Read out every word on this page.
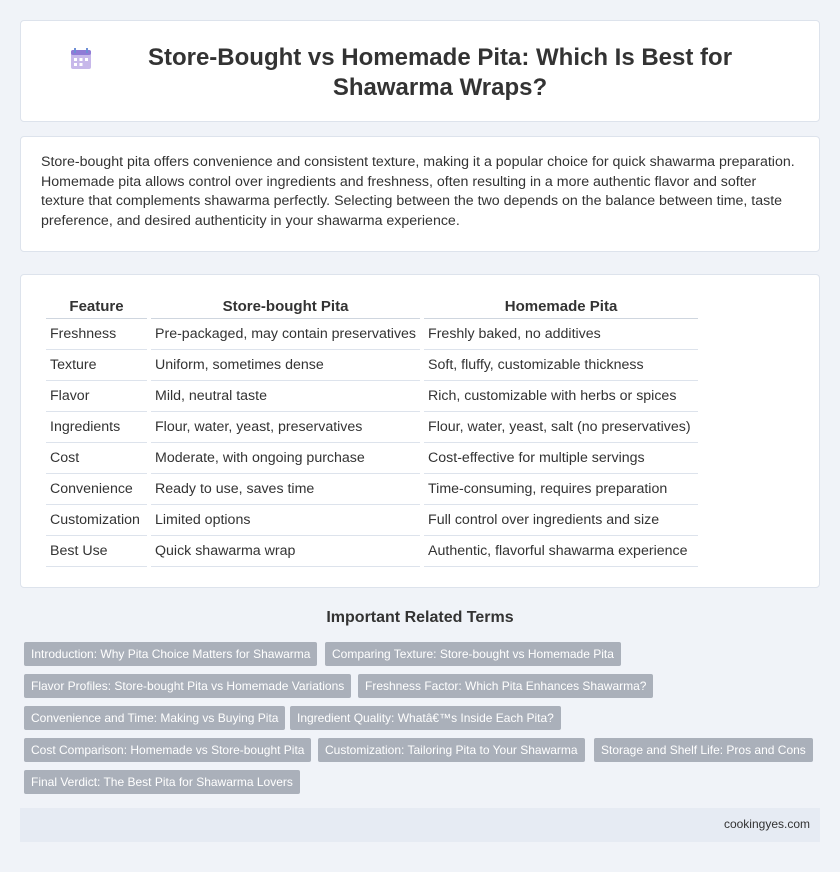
Store-Bought vs Homemade Pita: Which Is Best for Shawarma Wraps?

Store-bought pita offers convenience and consistent texture, making it a popular choice for quick shawarma preparation. Homemade pita allows control over ingredients and freshness, often resulting in a more authentic flavor and softer texture that complements shawarma perfectly. Selecting between the two depends on the balance between time, taste preference, and desired authenticity in your shawarma experience.

Feature	Store-bought Pita	Homemade Pita
Freshness	Pre-packaged, may contain preservatives	Freshly baked, no additives
Texture	Uniform, sometimes dense	Soft, fluffy, customizable thickness
Flavor	Mild, neutral taste	Rich, customizable with herbs or spices
Ingredients	Flour, water, yeast, preservatives	Flour, water, yeast, salt (no preservatives)
Cost	Moderate, with ongoing purchase	Cost-effective for multiple servings
Convenience	Ready to use, saves time	Time-consuming, requires preparation
Customization	Limited options	Full control over ingredients and size
Best Use	Quick shawarma wrap	Authentic, flavorful shawarma experience
Important Related Terms
Introduction: Why Pita Choice Matters for Shawarma	Comparing Texture: Store-bought vs Homemade Pita
Flavor Profiles: Store-bought Pita vs Homemade Variations	Freshness Factor: Which Pita Enhances Shawarma?
Convenience and Time: Making vs Buying Pita	Ingredient Quality: Whatâ€™s Inside Each Pita?
Cost Comparison: Homemade vs Store-bought Pita	Customization: Tailoring Pita to Your Shawarma	Storage and Shelf Life: Pros and Cons
Final Verdict: The Best Pita for Shawarma Lovers
cookingyes.com
